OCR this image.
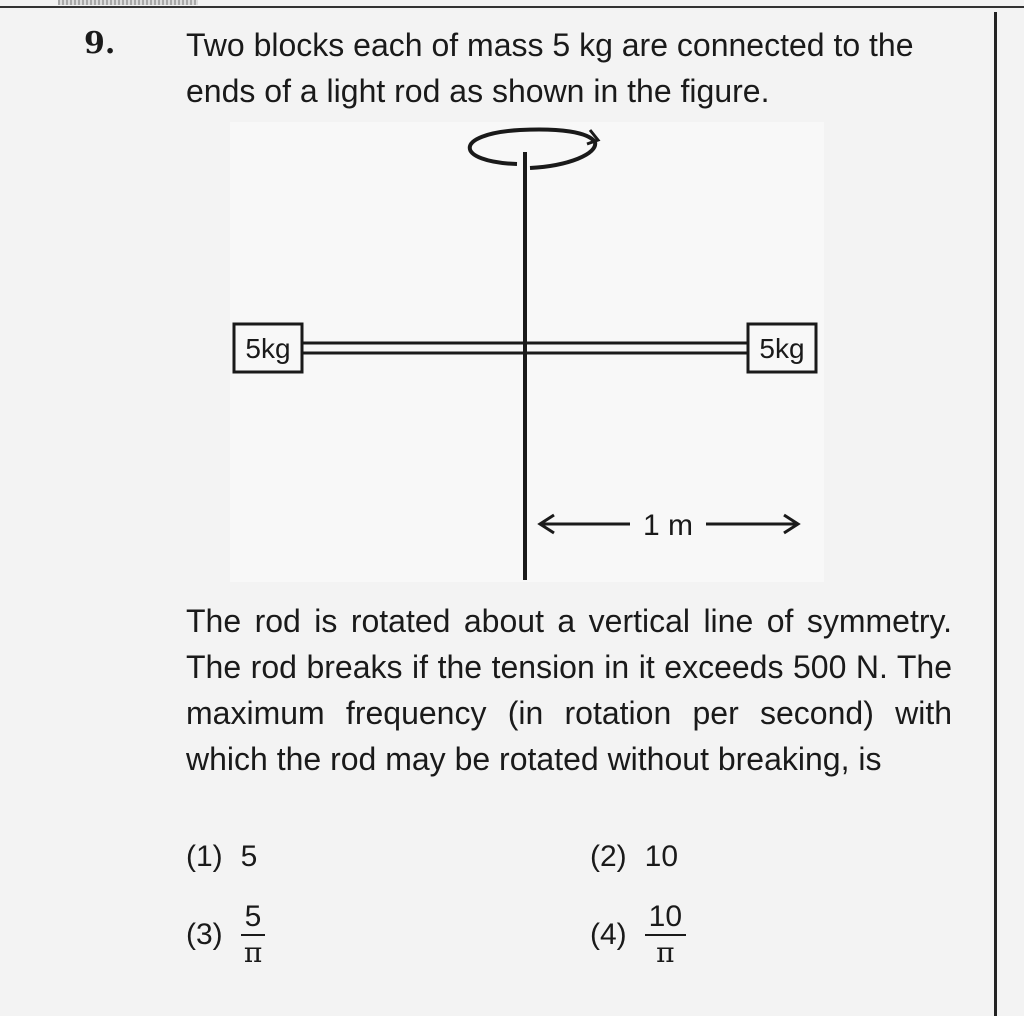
9. Two blocks each of mass 5 kg are connected to the ends of a light rod as shown in the figure.
5kg	5kg
1 m
The rod is rotated about a vertical line of symmetry. The rod breaks if the tension in it exceeds 500 N. The maximum frequency (in rotation per second) with which the rod may be rotated without breaking, is
(1) 5	(2) 10
$(3) \frac{5}{\pi}$	$(4) \frac{10}{\pi}$
